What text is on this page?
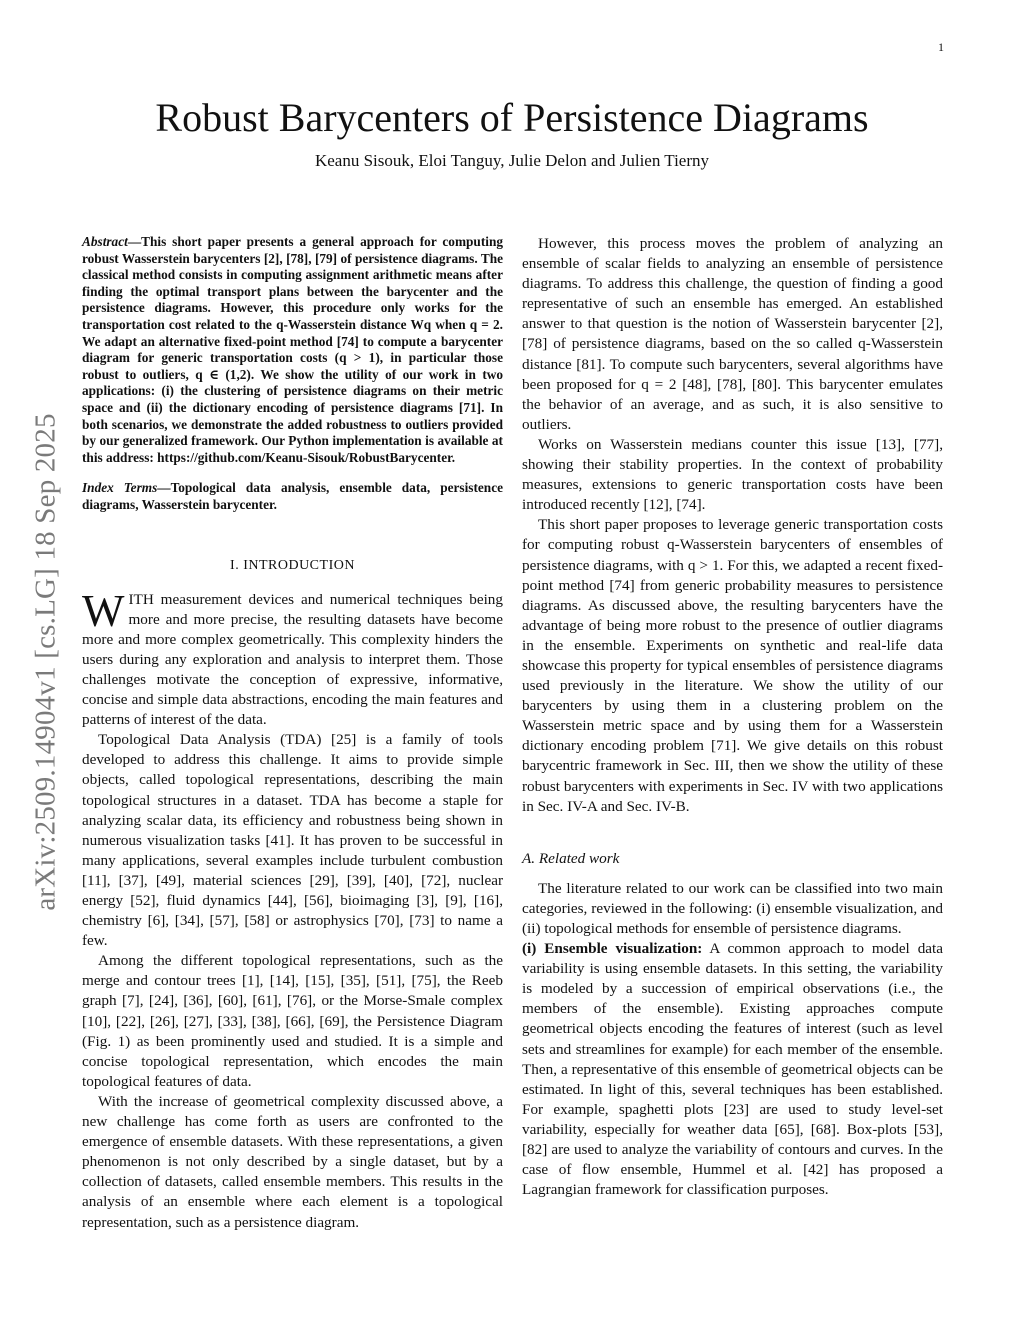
1
arXiv:2509.14904v1 [cs.LG] 18 Sep 2025
Robust Barycenters of Persistence Diagrams
Keanu Sisouk, Eloi Tanguy, Julie Delon and Julien Tierny

Abstract—This short paper presents a general approach for computing robust Wasserstein barycenters [2], [78], [79] of persistence diagrams. The classical method consists in computing assignment arithmetic means after finding the optimal transport plans between the barycenter and the persistence diagrams. However, this procedure only works for the transportation cost related to the q-Wasserstein distance Wq when q = 2. We adapt an alternative fixed-point method [74] to compute a barycenter diagram for generic transportation costs (q > 1), in particular those robust to outliers, q ∈ (1,2). We show the utility of our work in two applications: (i) the clustering of persistence diagrams on their metric space and (ii) the dictionary encoding of persistence diagrams [71]. In both scenarios, we demonstrate the added robustness to outliers provided by our generalized framework. Our Python implementation is available at this address: https://github.com/Keanu-Sisouk/RobustBarycenter.

Index Terms—Topological data analysis, ensemble data, persistence diagrams, Wasserstein barycenter.

I. INTRODUCTION

WITH measurement devices and numerical techniques being more and more precise, the resulting datasets have become more and more complex geometrically. This complexity hinders the users during any exploration and analysis to interpret them. Those challenges motivate the conception of expressive, informative, concise and simple data abstractions, encoding the main features and patterns of interest of the data.

Topological Data Analysis (TDA) [25] is a family of tools developed to address this challenge. It aims to provide simple objects, called topological representations, describing the main topological structures in a dataset. TDA has become a staple for analyzing scalar data, its efficiency and robustness being shown in numerous visualization tasks [41]. It has proven to be successful in many applications, several examples include turbulent combustion [11], [37], [49], material sciences [29], [39], [40], [72], nuclear energy [52], fluid dynamics [44], [56], bioimaging [3], [9], [16], chemistry [6], [34], [57], [58] or astrophysics [70], [73] to name a few.

Among the different topological representations, such as the merge and contour trees [1], [14], [15], [35], [51], [75], the Reeb graph [7], [24], [36], [60], [61], [76], or the Morse-Smale complex [10], [22], [26], [27], [33], [38], [66], [69], the Persistence Diagram (Fig. 1) as been prominently used and studied. It is a simple and concise topological representation, which encodes the main topological features of data.

With the increase of geometrical complexity discussed above, a new challenge has come forth as users are confronted to the emergence of ensemble datasets. With these representations, a given phenomenon is not only described by a single dataset, but by a collection of datasets, called ensemble members. This results in the analysis of an ensemble where each element is a topological representation, such as a persistence diagram.

However, this process moves the problem of analyzing an ensemble of scalar fields to analyzing an ensemble of persistence diagrams. To address this challenge, the question of finding a good representative of such an ensemble has emerged. An established answer to that question is the notion of Wasserstein barycenter [2], [78] of persistence diagrams, based on the so called q-Wasserstein distance [81]. To compute such barycenters, several algorithms have been proposed for q = 2 [48], [78], [80]. This barycenter emulates the behavior of an average, and as such, it is also sensitive to outliers.

Works on Wasserstein medians counter this issue [13], [77], showing their stability properties. In the context of probability measures, extensions to generic transportation costs have been introduced recently [12], [74].

This short paper proposes to leverage generic transportation costs for computing robust q-Wasserstein barycenters of ensembles of persistence diagrams, with q > 1. For this, we adapted a recent fixed-point method [74] from generic probability measures to persistence diagrams. As discussed above, the resulting barycenters have the advantage of being more robust to the presence of outlier diagrams in the ensemble. Experiments on synthetic and real-life data showcase this property for typical ensembles of persistence diagrams used previously in the literature. We show the utility of our barycenters by using them in a clustering problem on the Wasserstein metric space and by using them for a Wasserstein dictionary encoding problem [71]. We give details on this robust barycentric framework in Sec. III, then we show the utility of these robust barycenters with experiments in Sec. IV with two applications in Sec. IV-A and Sec. IV-B.

A. Related work

The literature related to our work can be classified into two main categories, reviewed in the following: (i) ensemble visualization, and (ii) topological methods for ensemble of persistence diagrams.

(i) Ensemble visualization: A common approach to model data variability is using ensemble datasets. In this setting, the variability is modeled by a succession of empirical observations (i.e., the members of the ensemble). Existing approaches compute geometrical objects encoding the features of interest (such as level sets and streamlines for example) for each member of the ensemble. Then, a representative of this ensemble of geometrical objects can be estimated. In light of this, several techniques has been established. For example, spaghetti plots [23] are used to study level-set variability, especially for weather data [65], [68]. Box-plots [53], [82] are used to analyze the variability of contours and curves. In the case of flow ensemble, Hummel et al. [42] has proposed a Lagrangian framework for classification purposes.
